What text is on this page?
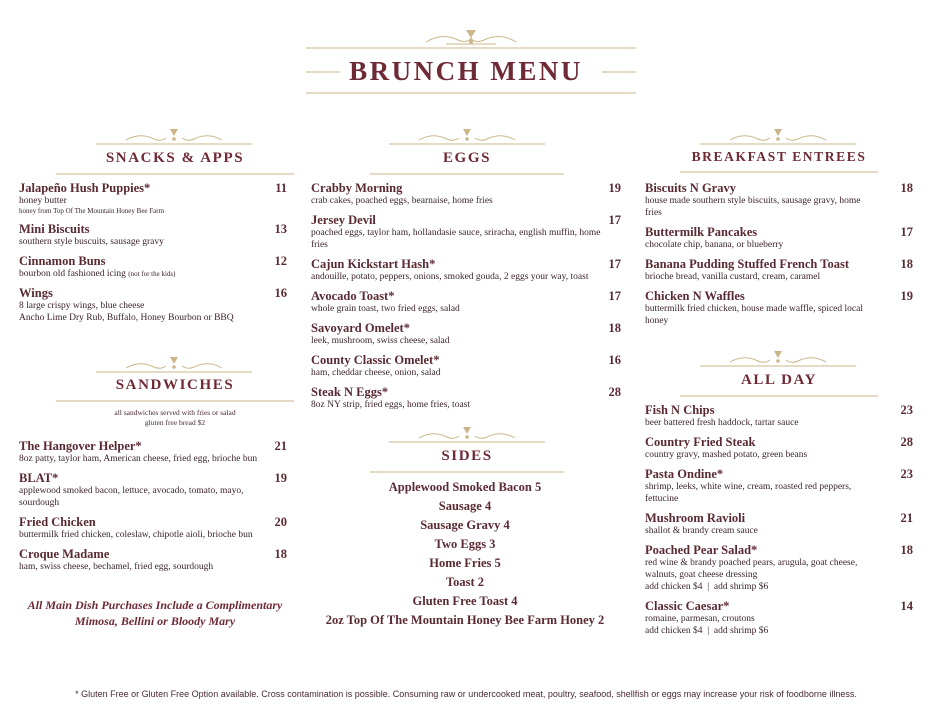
BRUNCH MENU
SNACKS & APPS
Jalapeño Hush Puppies*	11
honey butter
honey from Top Of The Mountain Honey Bee Farm
Mini Biscuits	13
southern style buscuits, sausage gravy
Cinnamon Buns	12
bourbon old fashioned icing (not for the kids)
Wings	16
8 large crispy wings, blue cheese
Ancho Lime Dry Rub, Buffalo, Honey Bourbon or BBQ
SANDWICHES
all sandwiches served with fries or salad
gluten free bread $2
The Hangover Helper*	21
8oz patty, taylor ham, American cheese, fried egg, brioche bun
BLAT*	19
applewood smoked bacon, lettuce, avocado, tomato, mayo, sourdough
Fried Chicken	20
buttermilk fried chicken, coleslaw, chipotle aioli, brioche bun
Croque Madame	18
ham, swiss cheese, bechamel, fried egg, sourdough
All Main Dish Purchases Include a Complimentary
Mimosa, Bellini or Bloody Mary
EGGS
Crabby Morning	19
crab cakes, poached eggs, bearnaise, home fries
Jersey Devil	17
poached eggs, taylor ham, hollandasie sauce, sriracha, english muffin, home fries
Cajun Kickstart Hash*	17
andouille, potato, peppers, onions, smoked gouda, 2 eggs your way, toast
Avocado Toast*	17
whole grain toast, two fried eggs, salad
Savoyard Omelet*	18
leek, mushroom, swiss cheese, salad
County Classic Omelet*	16
ham, cheddar cheese, onion, salad
Steak N Eggs*	28
8oz NY strip, fried eggs, home fries, toast
SIDES
Applewood Smoked Bacon 5
Sausage 4
Sausage Gravy 4
Two Eggs 3
Home Fries 5
Toast 2
Gluten Free Toast 4
2oz Top Of The Mountain Honey Bee Farm Honey 2
BREAKFAST ENTREES
Biscuits N Gravy	18
house made southern style biscuits, sausage gravy, home fries
Buttermilk Pancakes	17
chocolate chip, banana, or blueberry
Banana Pudding Stuffed French Toast	18
brioche bread, vanilla custard, cream, caramel
Chicken N Waffles	19
buttermilk fried chicken, house made waffle, spiced local honey
ALL DAY
Fish N Chips	23
beer battered fresh haddock, tartar sauce
Country Fried Steak	28
country gravy, mashed potato, green beans
Pasta Ondine*	23
shrimp, leeks, white wine, cream, roasted red peppers, fettucine
Mushroom Ravioli	21
shallot & brandy cream sauce
Poached Pear Salad*	18
red wine & brandy poached pears, arugula, goat cheese, walnuts, goat cheese dressing
add chicken $4  |  add shrimp $6
Classic Caesar*	14
romaine, parmesan, croutons
add chicken $4  |  add shrimp $6
* Gluten Free or Gluten Free Option available. Cross contamination is possible. Consuming raw or undercooked meat, poultry, seafood, shellfish or eggs may increase your risk of foodborne illness.
